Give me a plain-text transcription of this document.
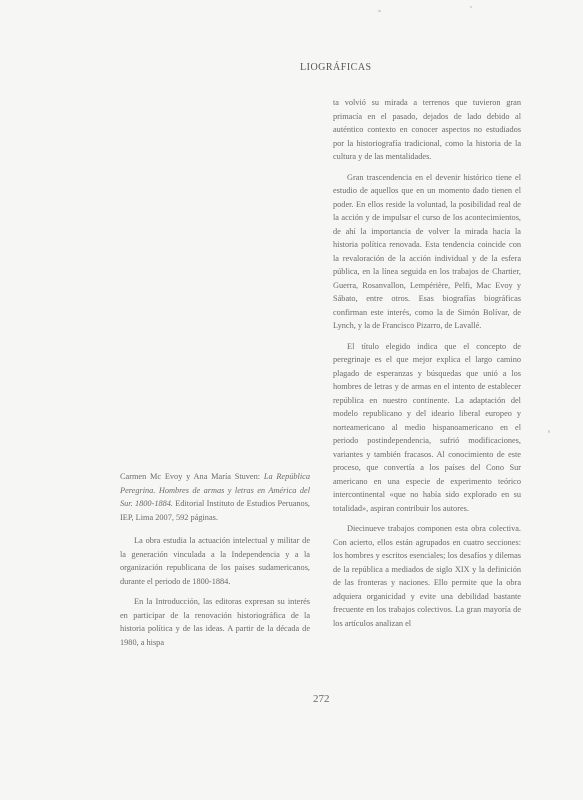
LIOGRÁFICAS

ta volvió su mirada a terrenos que tuvieron gran primacía en el pasado, dejados de lado debido al auténtico contexto en conocer aspectos no estudiados por la historiografía tradicional, como la historia de la cultura y de las mentalidades.

Gran trascendencia en el devenir histórico tiene el estudio de aquellos que en un momento dado tienen el poder. En ellos reside la voluntad, la posibilidad real de la acción y de impulsar el curso de los acontecimientos, de ahí la importancia de volver la mirada hacia la historia política renovada. Esta tendencia coincide con la revaloración de la acción individual y de la esfera pública, en la línea seguida en los trabajos de Chartier, Guerra, Rosanvallon, Lempérière, Pelfi, Mac Evoy y Sábato, entre otros. Esas biografías biográficas confirman este interés, como la de Simón Bolívar, de Lynch, y la de Francisco Pizarro, de Lavallé.

El título elegido indica que el concepto de peregrinaje es el que mejor explica el largo camino plagado de esperanzas y búsquedas que unió a los hombres de letras y de armas en el intento de establecer república en nuestro continente. La adaptación del modelo republicano y del ideario liberal europeo y norteamericano al medio hispanoamericano en el periodo postindependencia, sufrió modificaciones, variantes y también fracasos. Al conocimiento de este proceso, que convertía a los países del Cono Sur americano en una especie de experimento teórico intercontinental «que no había sido explorado en su totalidad», aspiran contribuir los autores.

Diecinueve trabajos componen esta obra colectiva. Con acierto, ellos están agrupados en cuatro secciones: los hombres y escritos esenciales; los desafíos y dilemas de la república a mediados de siglo XIX y la definición de las fronteras y naciones. Ello permite que la obra adquiera organicidad y evite una debilidad bastante frecuente en los trabajos colectivos. La gran mayoría de los artículos analizan el

Carmen Mc Evoy y Ana María Stuven: La República Peregrina. Hombres de armas y letras en América del Sur. 1800-1884. Editorial Instituto de Estudios Peruanos, IEP, Lima 2007, 592 páginas.

La obra estudia la actuación intelectual y militar de la generación vinculada a la Independencia y a la organización republicana de los países sudamericanos, durante el periodo de 1800-1884.

En la Introducción, las editoras expresan su interés en participar de la renovación historiográfica de la historia política y de las ideas. A partir de la década de 1980, a hispa

272
